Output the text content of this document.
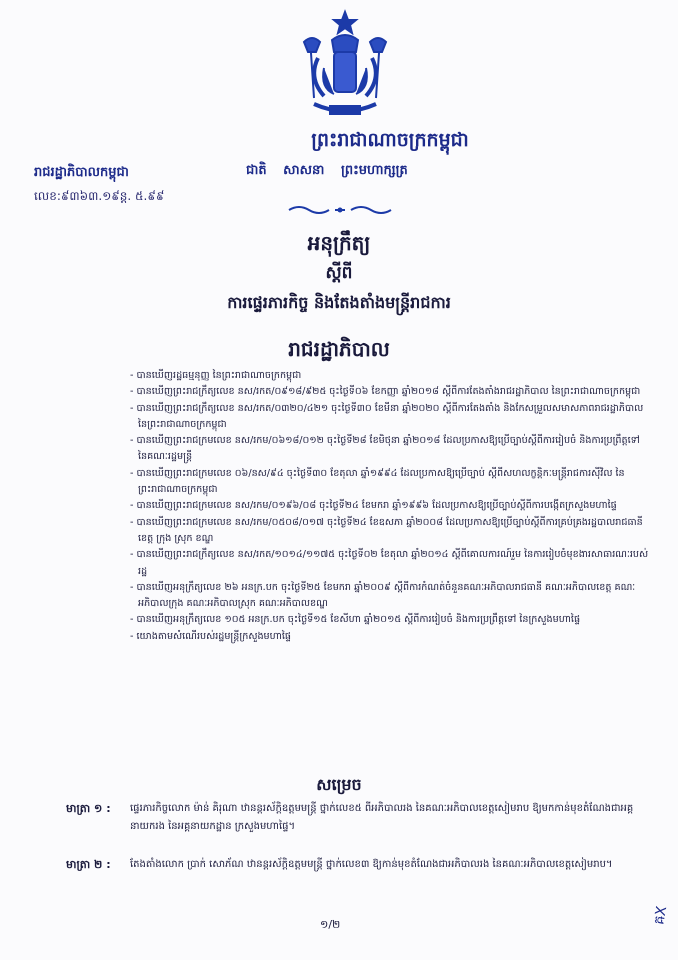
ព្រះរាជាណាចក្រកម្ពុជា
រាជរដ្ឋាភិបាលកម្ពុជា	ជាតិ សាសនា ព្រះមហាក្សត្រ
លេខ:៩៣៦៣.១៩ន្ត. ៥.៩៩
អនុក្រឹត្យ
ស្ដីពី
ការផ្ទេរភារកិច្ច និងតែងតាំងមន្ត្រីរាជការ
រាជរដ្ឋាភិបាល
- បានឃើញរដ្ឋធម្មនុញ្ញ នៃព្រះរាជាណាចក្រកម្ពុជា
- បានឃើញព្រះរាជក្រឹត្យលេខ នស/រកត/០៩១៨/៩២៥ ចុះថ្ងៃទី០៦ ខែកញ្ញា ឆ្នាំ២០១៨ ស្ដីពីការតែងតាំងរាជរដ្ឋាភិបាល នៃព្រះរាជាណាចក្រកម្ពុជា
- បានឃើញព្រះរាជក្រឹត្យលេខ នស/រកត/០៣២០/៤២១ ចុះថ្ងៃទី៣០ ខែមីនា ឆ្នាំ២០២០ ស្ដីពីការតែងតាំង និងកែសម្រួលសមាសភាពរាជរដ្ឋាភិបាល នៃព្រះរាជាណាចក្រកម្ពុជា
- បានឃើញព្រះរាជក្រមលេខ នស/រកម/០៦១៨/០១២ ចុះថ្ងៃទី២៨ ខែមិថុនា ឆ្នាំ២០១៨ ដែលប្រកាសឱ្យប្រើច្បាប់ស្ដីពីការរៀបចំ និងការប្រព្រឹត្តទៅ នៃគណៈរដ្ឋមន្ត្រី
- បានឃើញព្រះរាជក្រមលេខ ០៦/នស/៩៤ ចុះថ្ងៃទី៣០ ខែតុលា ឆ្នាំ១៩៩៤ ដែលប្រកាសឱ្យប្រើច្បាប់ ស្ដីពីសហលក្ខន្តិកៈមន្ត្រីរាជការស៊ីវិល នៃព្រះរាជាណាចក្រកម្ពុជា
- បានឃើញព្រះរាជក្រមលេខ នស/រកម/០១៩៦/០៨ ចុះថ្ងៃទី២៤ ខែមករា ឆ្នាំ១៩៩៦ ដែលប្រកាសឱ្យប្រើច្បាប់ស្ដីពីការបង្កើតក្រសួងមហាផ្ទៃ
- បានឃើញព្រះរាជក្រមលេខ នស/រកម/០៥០៨/០១៧ ចុះថ្ងៃទី២៤ ខែឧសភា ឆ្នាំ២០០៨ ដែលប្រកាសឱ្យប្រើច្បាប់ស្ដីពីការគ្រប់គ្រងរដ្ឋបាលរាជធានី ខេត្ត ក្រុង ស្រុក ខណ្ឌ
- បានឃើញព្រះរាជក្រឹត្យលេខ នស/រកត/១០១៤/១១៧៥ ចុះថ្ងៃទី០២ ខែតុលា ឆ្នាំ២០១៤ ស្ដីពីគោលការណ៍រួម នៃការរៀបចំមុខងារសាធារណៈរបស់រដ្ឋ
- បានឃើញអនុក្រឹត្យលេខ ២៦ អនក្រ.បក ចុះថ្ងៃទី២៥ ខែមករា ឆ្នាំ២០០៩ ស្ដីពីការកំណត់ចំនួនគណៈអភិបាលរាជធានី គណៈអភិបាលខេត្ត គណៈអភិបាលក្រុង គណៈអភិបាលស្រុក គណៈអភិបាលខណ្ឌ
- បានឃើញអនុក្រឹត្យលេខ ១០៥ អនក្រ.បក ចុះថ្ងៃទី១៥ ខែសីហា ឆ្នាំ២០១៥ ស្ដីពីការរៀបចំ និងការប្រព្រឹត្តទៅ នៃក្រសួងមហាផ្ទៃ
- យោងតាមសំណើរបស់រដ្ឋមន្ត្រីក្រសួងមហាផ្ទៃ
សម្រេច
មាត្រា ១ : ផ្ទេរភារកិច្ចលោក ម៉ាន់ គិរុណា ឋានន្តរស័ក្តិឧត្តមមន្ត្រី ថ្នាក់លេខ៥ ពីអភិបាលរង នៃគណៈអភិបាលខេត្តសៀមរាប ឱ្យមកកាន់មុខតំណែងជាអគ្គនាយករង នៃអគ្គនាយកដ្ឋាន ក្រសួងមហាផ្ទៃ។
មាត្រា ២ : តែងតាំងលោក ប្រាក់ សោភ័ណ ឋានន្តរស័ក្តិឧត្តមមន្ត្រី ថ្នាក់លេខ៣ ឱ្យកាន់មុខតំណែងជាអភិបាលរង នៃគណៈអភិបាលខេត្តសៀមរាប។
១/២	ឝX
